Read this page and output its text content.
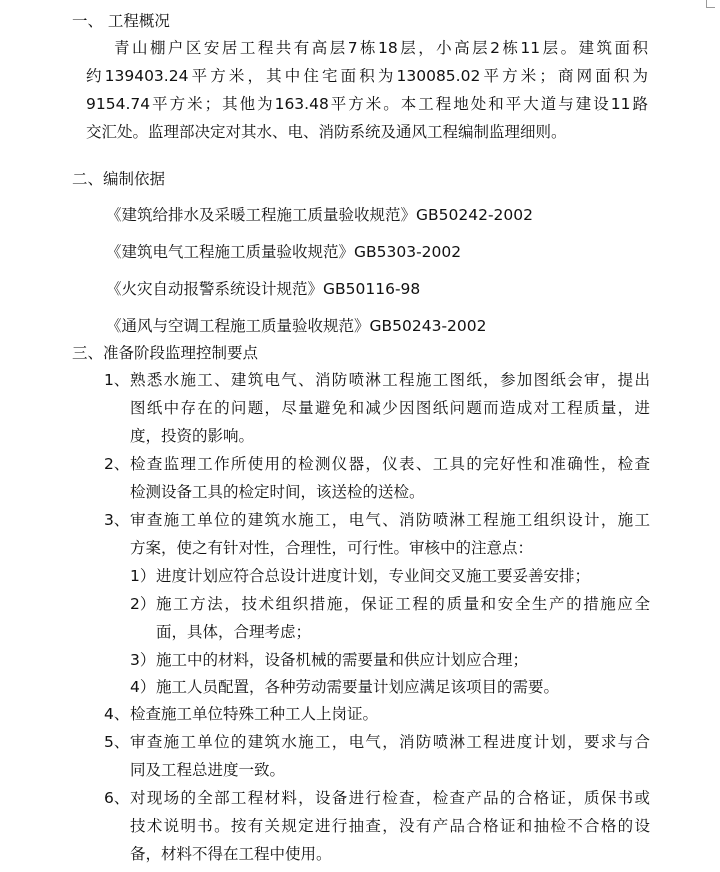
一、 工程概况
青山棚户区安居工程共有高层7栋18层，小高层2栋11层。建筑面积
约139403.24平方米，其中住宅面积为130085.02平方米；商网面积为
9154.74平方米；其他为163.48平方米。本工程地处和平大道与建设11路
交汇处。监理部决定对其水、电、消防系统及通风工程编制监理细则。
二、编制依据
《建筑给排水及采暖工程施工质量验收规范》GB50242-2002
《建筑电气工程施工质量验收规范》GB5303-2002
《火灾自动报警系统设计规范》GB50116-98
《通风与空调工程施工质量验收规范》GB50243-2002
三、准备阶段监理控制要点
1、 熟悉水施工、建筑电气、消防喷淋工程施工图纸，参加图纸会审，提出
图纸中存在的问题，尽量避免和减少因图纸问题而造成对工程质量，进
度，投资的影响。
2、 检查监理工作所使用的检测仪器，仪表、工具的完好性和准确性，检查
检测设备工具的检定时间，该送检的送检。
3、 审查施工单位的建筑水施工，电气、消防喷淋工程施工组织设计，施工
方案，使之有针对性，合理性，可行性。审核中的注意点：
1） 进度计划应符合总设计进度计划，专业间交叉施工要妥善安排；
2） 施工方法，技术组织措施，保证工程的质量和安全生产的措施应全
面，具体，合理考虑；
3） 施工中的材料，设备机械的需要量和供应计划应合理；
4） 施工人员配置，各种劳动需要量计划应满足该项目的需要。
4、 检查施工单位特殊工种工人上岗证。
5、 审查施工单位的建筑水施工，电气，消防喷淋工程进度计划，要求与合
同及工程总进度一致。
6、 对现场的全部工程材料，设备进行检查，检查产品的合格证，质保书或
技术说明书。按有关规定进行抽查，没有产品合格证和抽检不合格的设
备，材料不得在工程中使用。
